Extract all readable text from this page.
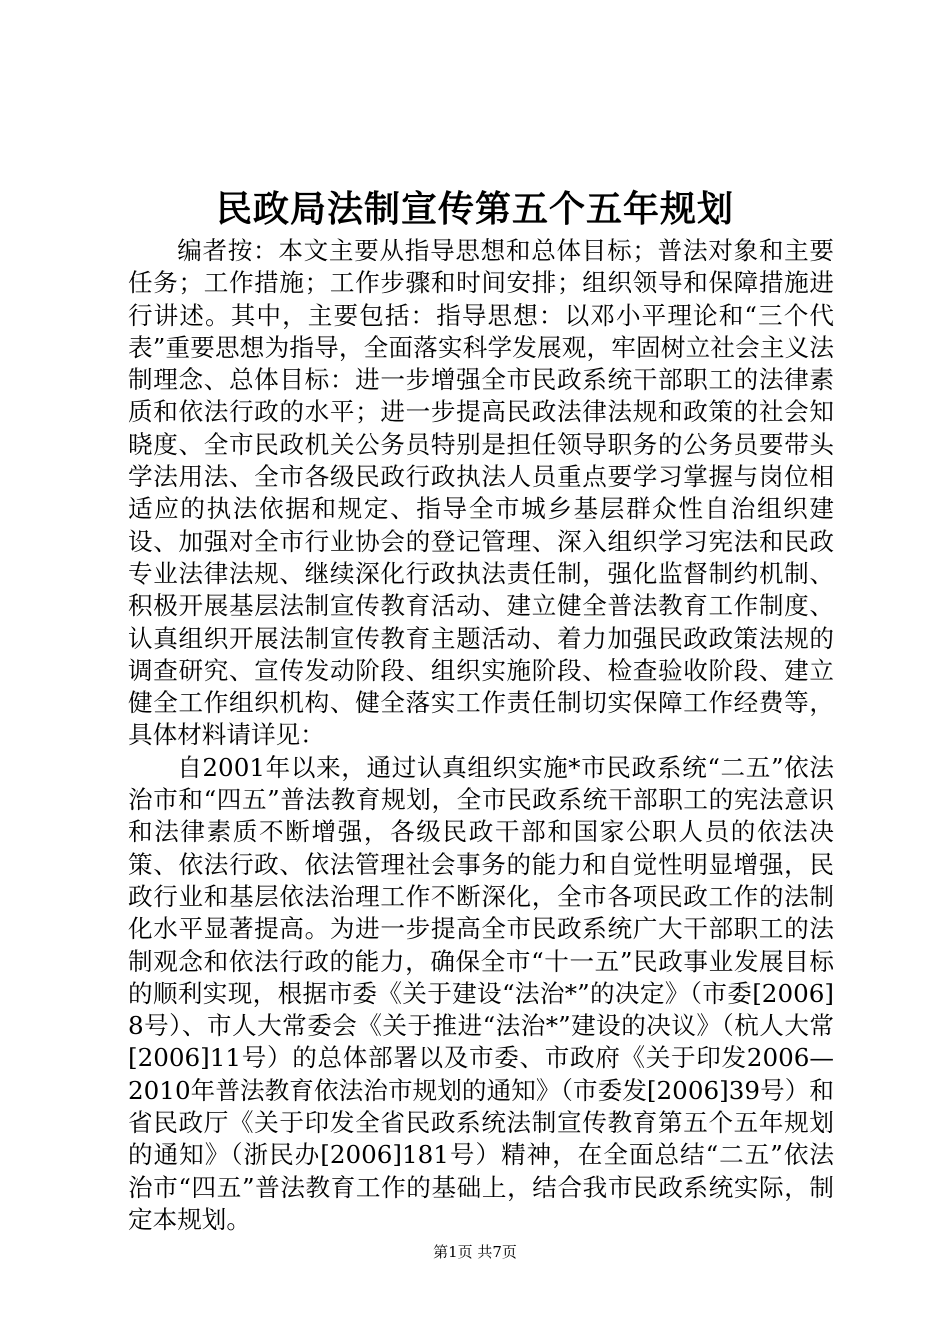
民政局法制宣传第五个五年规划

编者按：本文主要从指导思想和总体目标；普法对象和主要任务；工作措施；工作步骤和时间安排；组织领导和保障措施进行讲述。其中，主要包括：指导思想：以邓小平理论和“三个代表”重要思想为指导，全面落实科学发展观，牢固树立社会主义法制理念、总体目标：进一步增强全市民政系统干部职工的法律素质和依法行政的水平；进一步提高民政法律法规和政策的社会知晓度、全市民政机关公务员特别是担任领导职务的公务员要带头学法用法、全市各级民政行政执法人员重点要学习掌握与岗位相适应的执法依据和规定、指导全市城乡基层群众性自治组织建设、加强对全市行业协会的登记管理、深入组织学习宪法和民政专业法律法规、继续深化行政执法责任制，强化监督制约机制、积极开展基层法制宣传教育活动、建立健全普法教育工作制度、认真组织开展法制宣传教育主题活动、着力加强民政政策法规的调查研究、宣传发动阶段、组织实施阶段、检查验收阶段、建立健全工作组织机构、健全落实工作责任制切实保障工作经费等，具体材料请详见：

自2001年以来，通过认真组织实施*市民政系统“二五”依法治市和“四五”普法教育规划，全市民政系统干部职工的宪法意识和法律素质不断增强，各级民政干部和国家公职人员的依法决策、依法行政、依法管理社会事务的能力和自觉性明显增强，民政行业和基层依法治理工作不断深化，全市各项民政工作的法制化水平显著提高。为进一步提高全市民政系统广大干部职工的法制观念和依法行政的能力，确保全市“十一五”民政事业发展目标的顺利实现，根据市委《关于建设“法治*”的决定》（市委[2006]8号）、市人大常委会《关于推进“法治*”建设的决议》（杭人大常[2006]11号）的总体部署以及市委、市政府《关于印发2006—2010年普法教育依法治市规划的通知》（市委发[2006]39号）和省民政厅《关于印发全省民政系统法制宣传教育第五个五年规划的通知》（浙民办[2006]181号）精神，在全面总结“二五”依法治市“四五”普法教育工作的基础上，结合我市民政系统实际，制定本规划。

第1页 共7页
